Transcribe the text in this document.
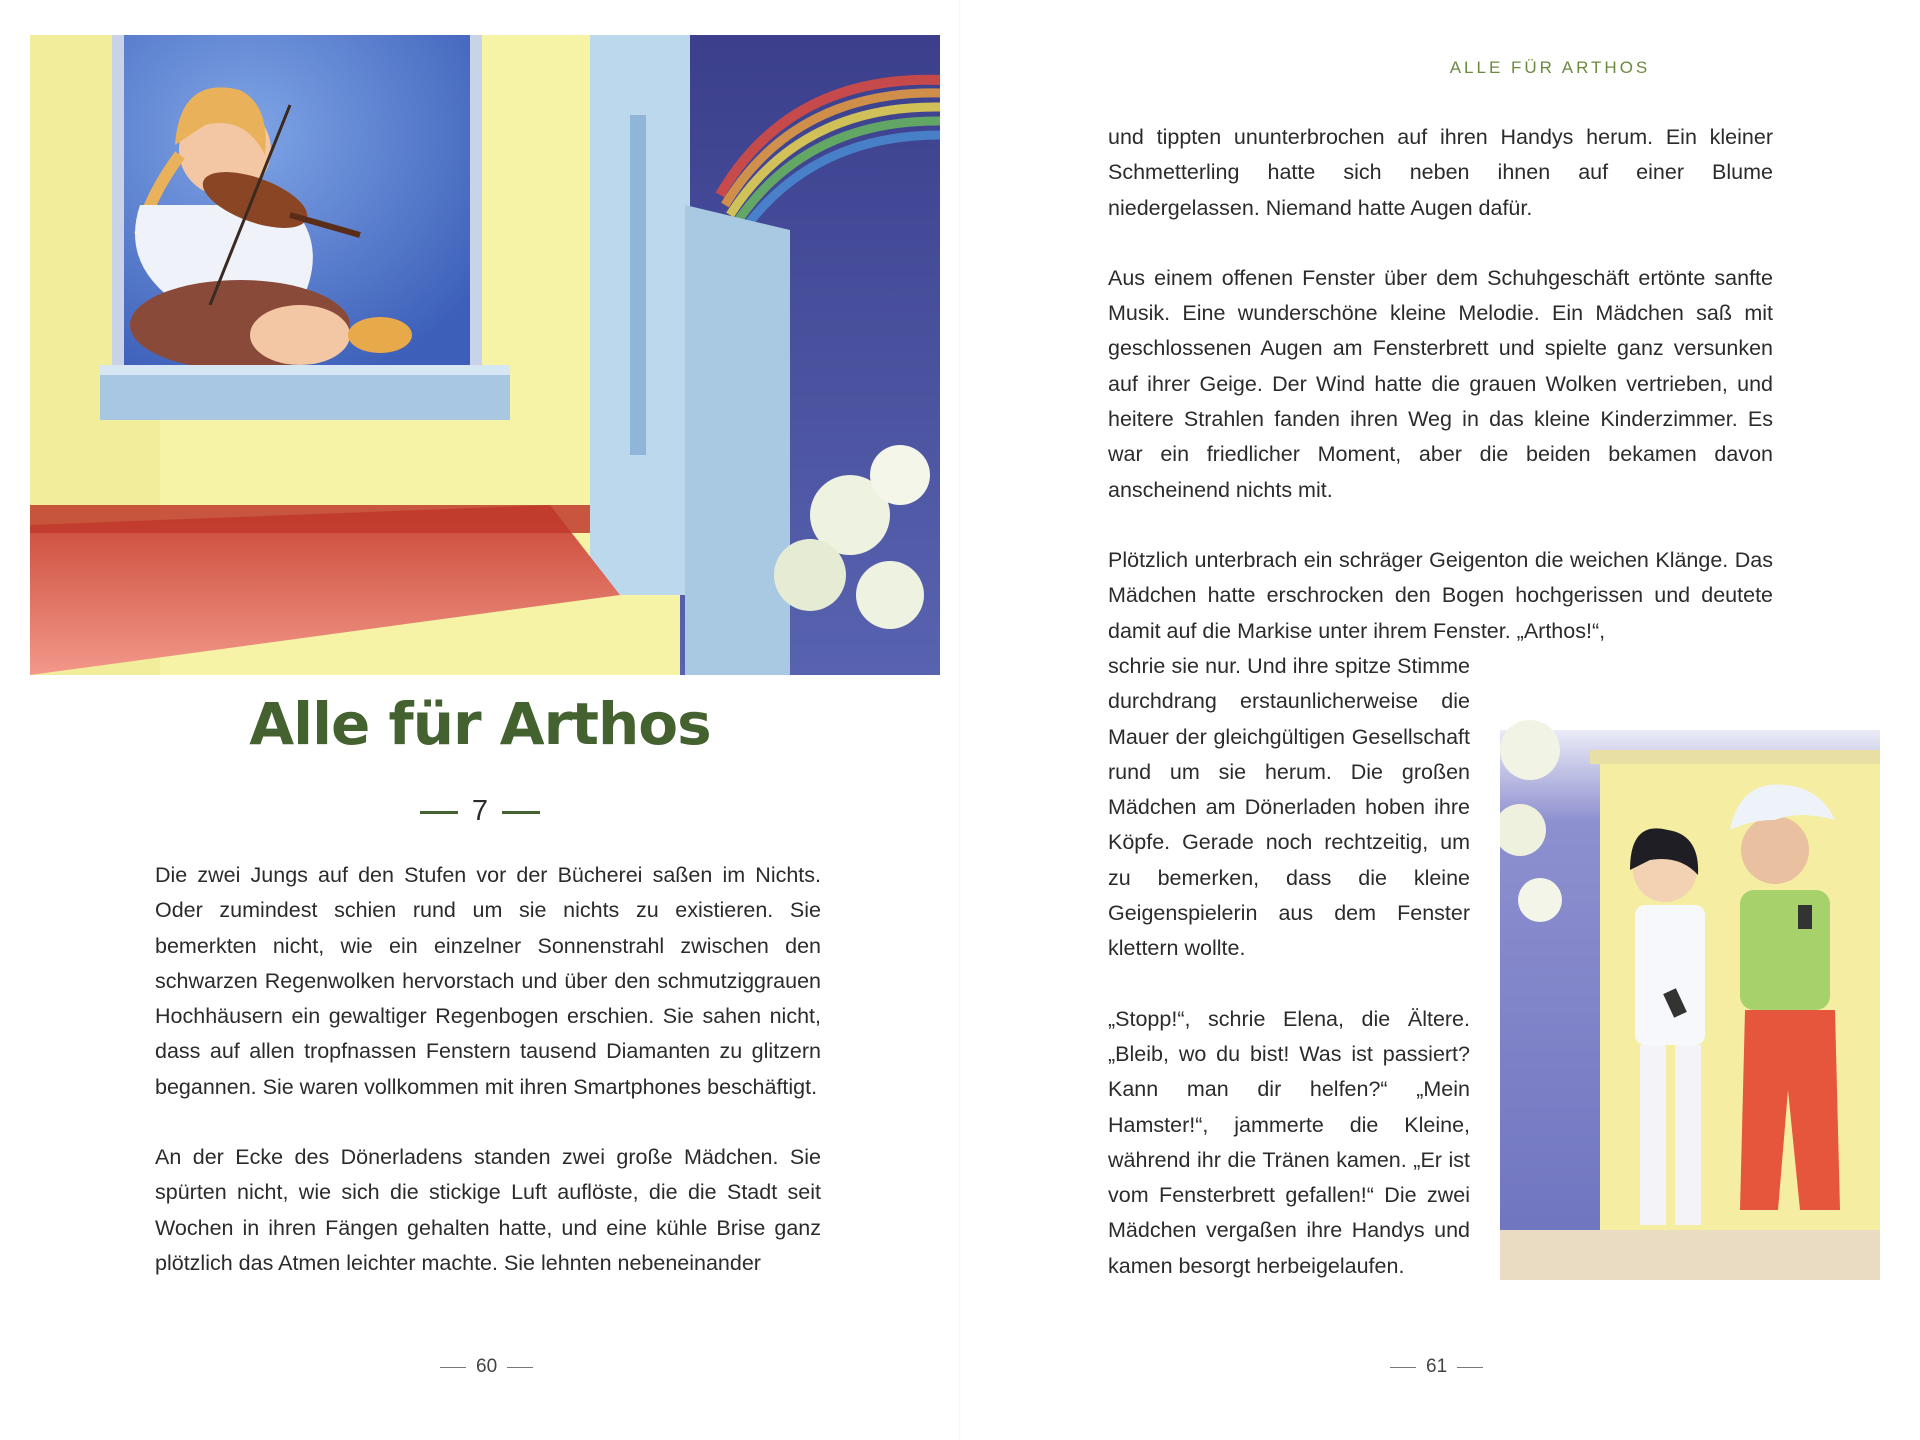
Alle für Arthos
7

Die zwei Jungs auf den Stufen vor der Bücherei saßen im Nichts. Oder zumindest schien rund um sie nichts zu existieren. Sie bemerkten nicht, wie ein einzelner Sonnenstrahl zwischen den schwarzen Regenwolken hervorstach und über den schmutziggrauen Hochhäusern ein gewaltiger Regenbogen erschien. Sie sahen nicht, dass auf allen tropfnassen Fenstern tausend Diamanten zu glitzern begannen. Sie waren vollkommen mit ihren Smartphones beschäftigt.

An der Ecke des Dönerladens standen zwei große Mädchen. Sie spürten nicht, wie sich die stickige Luft auflöste, die die Stadt seit Wochen in ihren Fängen gehalten hatte, und eine kühle Brise ganz plötzlich das Atmen leichter machte. Sie lehnten nebeneinander

60
ALLE FÜR ARTHOS

und tippten ununterbrochen auf ihren Handys herum. Ein kleiner Schmetterling hatte sich neben ihnen auf einer Blume niedergelassen. Niemand hatte Augen dafür.

Aus einem offenen Fenster über dem Schuhgeschäft ertönte sanfte Musik. Eine wunderschöne kleine Melodie. Ein Mädchen saß mit geschlossenen Augen am Fensterbrett und spielte ganz versunken auf ihrer Geige. Der Wind hatte die grauen Wolken vertrieben, und heitere Strahlen fanden ihren Weg in das kleine Kinderzimmer. Es war ein friedlicher Moment, aber die beiden bekamen davon anscheinend nichts mit.

Plötzlich unterbrach ein schräger Geigenton die weichen Klänge. Das Mädchen hatte erschrocken den Bogen hochgerissen und deutete damit auf die Markise unter ihrem Fenster. „Arthos!“,

schrie sie nur. Und ihre spitze Stimme durchdrang erstaunlicherweise die Mauer der gleichgültigen Gesellschaft rund um sie herum. Die großen Mädchen am Dönerladen hoben ihre Köpfe. Gerade noch rechtzeitig, um zu bemerken, dass die kleine Geigenspielerin aus dem Fenster klettern wollte.

„Stopp!“, schrie Elena, die Ältere. „Bleib, wo du bist! Was ist passiert? Kann man dir helfen?“ „Mein Hamster!“, jammerte die Kleine, während ihr die Tränen kamen. „Er ist vom Fensterbrett gefallen!“ Die zwei Mädchen vergaßen ihre Handys und kamen besorgt herbeigelaufen.

61
